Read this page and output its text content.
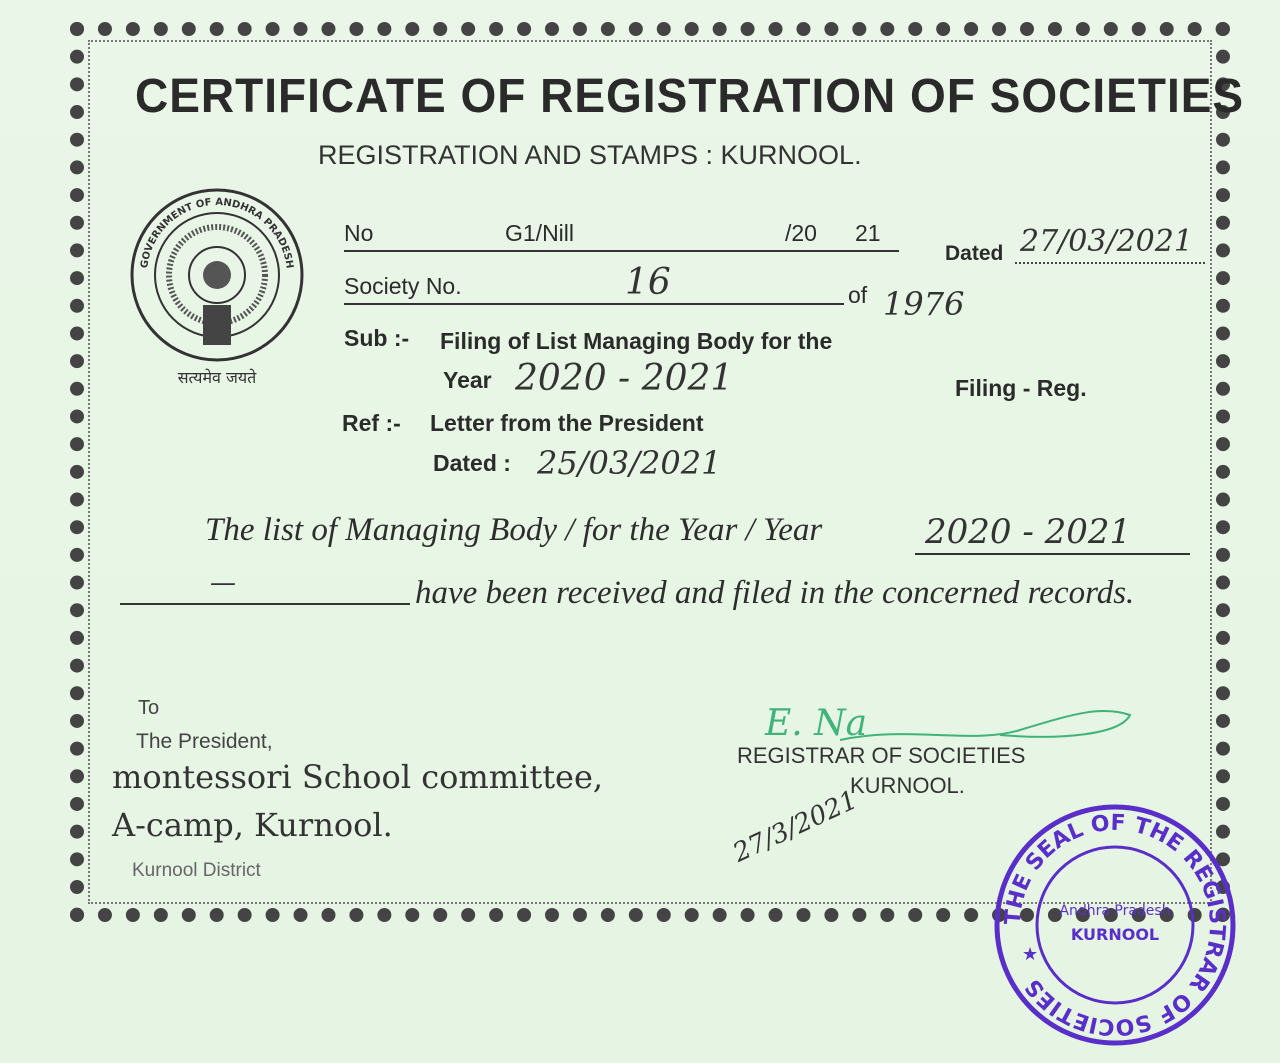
CERTIFICATE OF REGISTRATION OF SOCIETIES
REGISTRATION AND STAMPS : KURNOOL.
GOVERNMENT OF ANDHRA PRADESH
सत्यमेव जयते
No	G1/Nill	/20 21
Dated 27/03/2021
Society No.	16	of 1976
Sub :- Filing of List Managing Body for the
Year 2020 - 2021	Filing - Reg.
Ref :- Letter from the President
Dated : 25/03/2021
The list of Managing Body / for the Year / Year	2020 - 2021
—	have been received and filed in the concerned records.
To
The President,
montessori School committee,
A-camp, Kurnool.
Kurnool District
E. Na
REGISTRAR OF SOCIETIES
KURNOOL.
27/3/2021
THE SEAL OF THE REGISTRAR OF SOCIETIES
Andhra Pradesh
KURNOOL
★
